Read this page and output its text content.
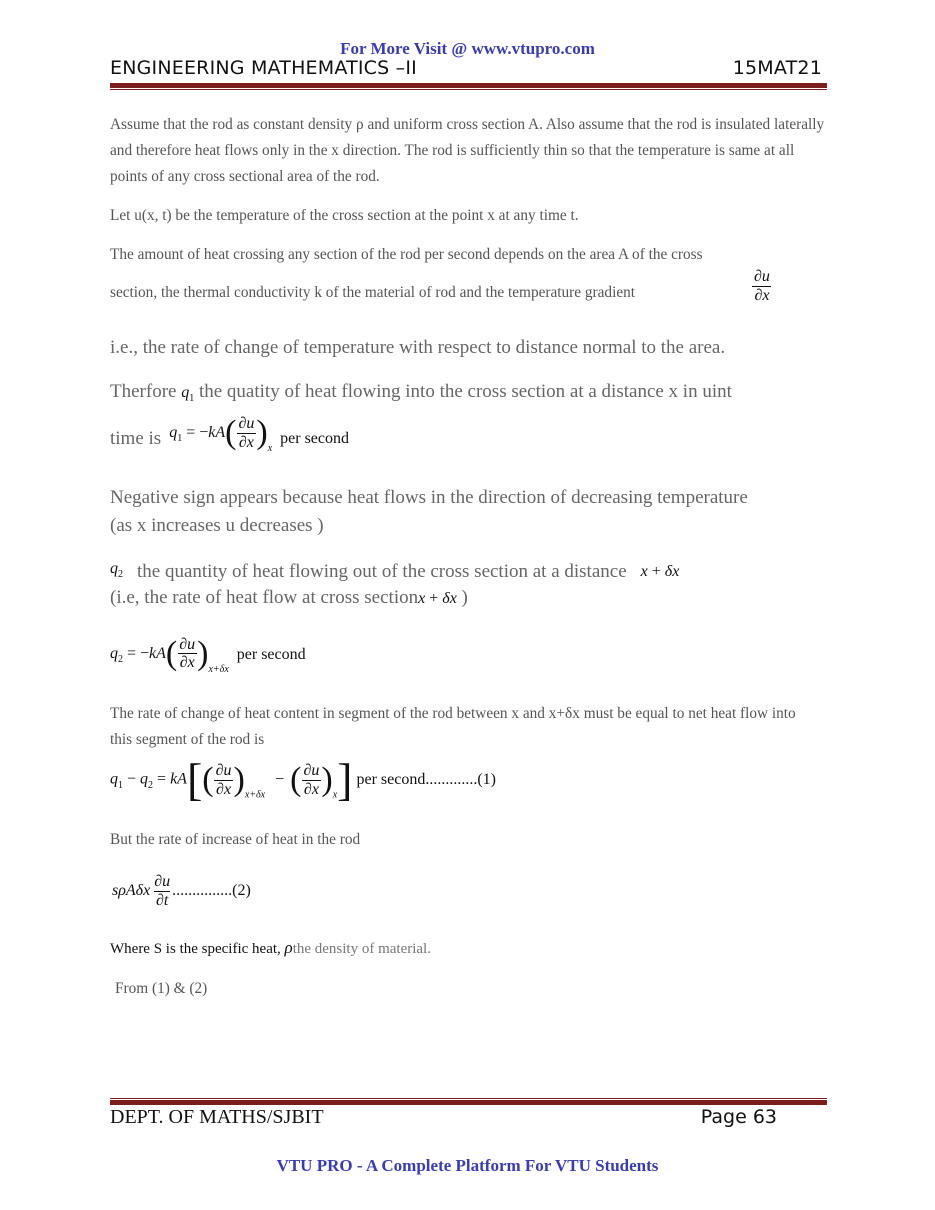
For More Visit @ www.vtupro.com
ENGINEERING MATHEMATICS –II	15MAT21
Assume that the rod as constant density ρ and uniform cross section A. Also assume that the rod is insulated laterally and therefore heat flows only in the x direction. The rod is sufficiently thin so that the temperature is same at all points of any cross sectional area of the rod.
Let u(x, t) be the temperature of the cross section at the point x at any time t.
The amount of heat crossing any section of the rod per second depends on the area A of the cross
section, the thermal conductivity k of the material of rod and the temperature gradient	$\frac{\partial u}{\partial x}$
i.e., the rate of change of temperature with respect to distance normal to the area.
Therfore $q_1$ the quatity of heat flowing into the cross section at a distance x in uint
time is $q_1 = -kA( \frac{\partial u}{\partial x} )_x$
per second
Negative sign appears because heat flows in the direction of decreasing temperature (as x increases u decreases )
$q_2$ the quantity of heat flowing out of the cross section at a distance x + δx
(i.e, the rate of heat flow at cross sectionx + δx )
$q_2 = -kA( \frac{\partial u}{\partial x} )_{x+\delta x}$
per second
The rate of change of heat content in segment of the rod between x and x+δx must be equal to net heat flow into this segment of the rod is
$q_1 - q_2 = kA[( \frac{\partial u}{\partial x} )_{x+\delta x}$ − ( $\frac{\partial u}{\partial x} )_x$] per second.............(1)
But the rate of increase of heat in the rod
sρAδx $\frac{\partial u}{\partial t} ...............(2)$
Where S is the specific heat, ρthe density of material.
From (1) & (2)
DEPT. OF MATHS/SJBIT	Page 63
VTU PRO - A Complete Platform For VTU Students
